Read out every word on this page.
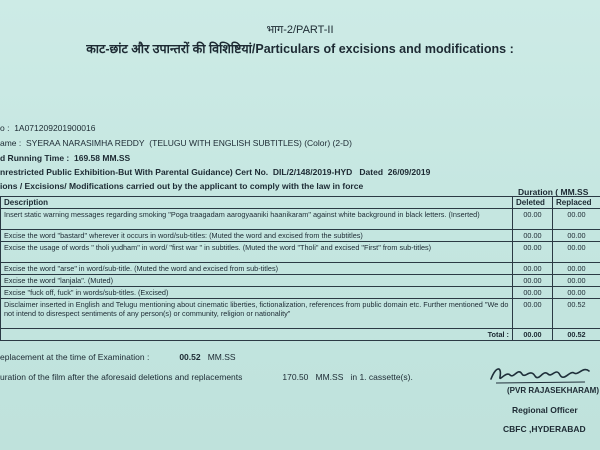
भाग-2/PART-II
काट-छांट और उपान्तरों की विशिष्टियां/Particulars of excisions and modifications :
o : 1A071209201900016
ame : SYERAA NARASIMHA REDDY (TELUGU WITH ENGLISH SUBTITLES) (Color) (2-D)
d Running Time : 169.58 MM.SS
nrestricted Public Exhibition-But With Parental Guidance) Cert No. DIL/2/148/2019-HYD Dated 26/09/2019
ions / Excisions/ Modifications carried out by the applicant to comply with the law in force
Duration ( MM.SS
Description	Deleted	Replaced
Insert static warning messages regarding smoking "Poga traagadam aarogyaaniki haanikaram" against white background in black letters. (Inserted)	00.00	00.00
Excise the word "bastard" wherever it occurs in word/sub-titles: (Muted the word and excised from the subtitles)	00.00	00.00
Excise the usage of words " tholi yudham" in word/ "first war " in subtitles. (Muted the word "Tholi" and excised "First" from sub-titles)	00.00	00.00
Excise the word "arse" in word/sub-title. (Muted the word and excised from sub-titles)	00.00	00.00
Excise the word "lanjala". (Muted)	00.00	00.00
Excise "fuck off, fuck" in words/sub-titles. (Excised)	00.00	00.00
Disclaimer inserted in English and Telugu mentioning about cinematic liberties, fictionalization, references from public domain etc. Further mentioned "We do not intend to disrespect sentiments of any person(s) or community, religion or nationality"	00.00	00.52
Total :	00.00	00.52
eplacement at the time of Examination :	00.52 MM.SS
uration of the film after the aforesaid deletions and replacements	170.50 MM.SS in 1. cassette(s).
(PVR RAJASEKHARAM)
Regional Officer
CBFC ,HYDERABAD
